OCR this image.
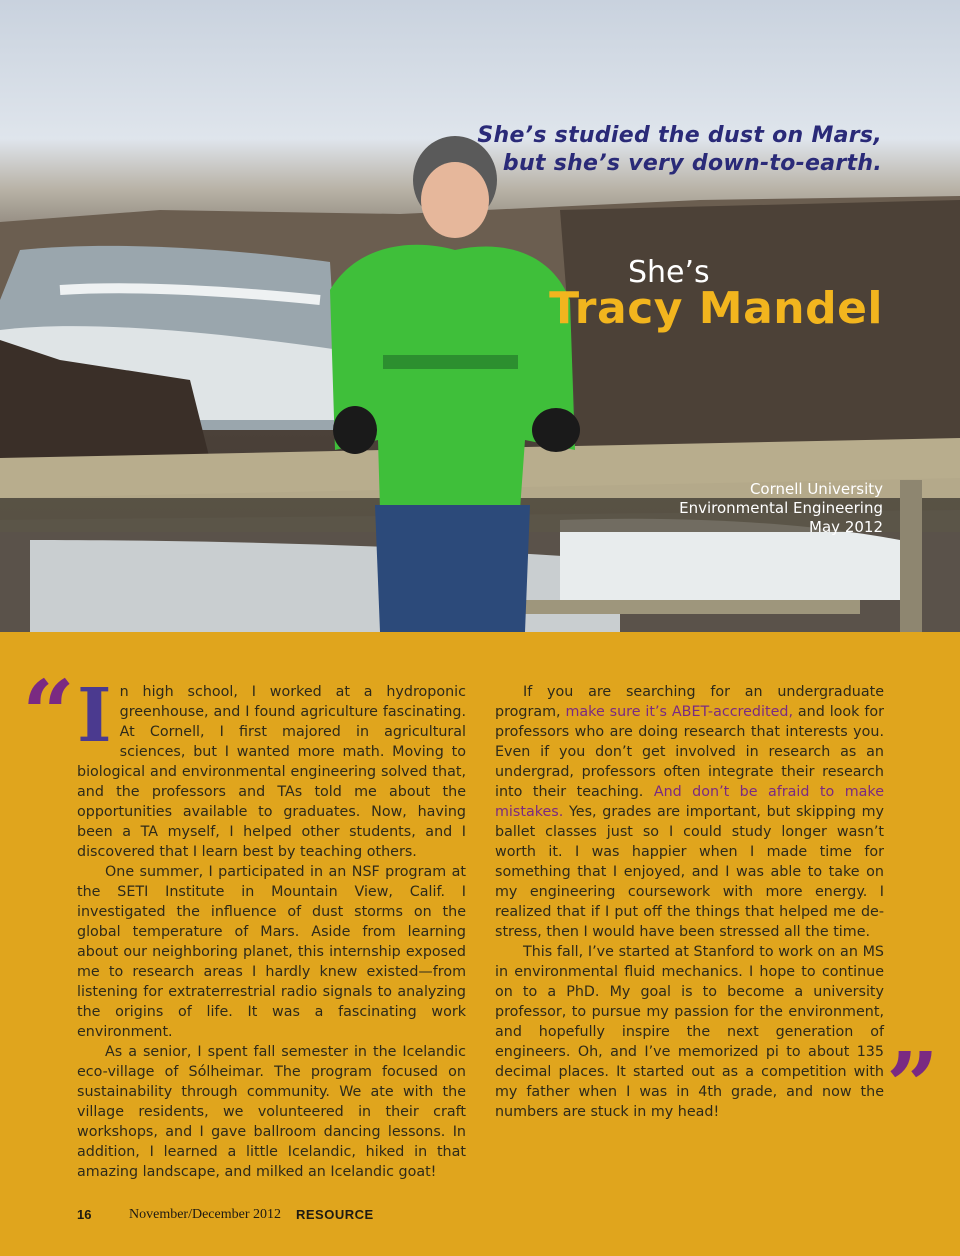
She’s studied the dust on Mars,
but she’s very down-to-earth.
She’s
Tracy Mandel
Cornell University
Environmental Engineering
May 2012
“ I n high school, I worked at a hydroponic greenhouse, and I found agriculture fascinating. At Cornell, I first majored in agricultural sciences, but I wanted more math. Moving to biological and environmental engineering solved that, and the professors and TAs told me about the opportunities available to graduates. Now, having been a TA myself, I helped other students, and I discovered that I learn best by teaching others.

One summer, I participated in an NSF program at the SETI Institute in Mountain View, Calif. I investigated the influence of dust storms on the global temperature of Mars. Aside from learning about our neighboring planet, this internship exposed me to research areas I hardly knew existed—from listening for extraterrestrial radio signals to analyzing the origins of life. It was a fascinating work environment.

As a senior, I spent fall semester in the Icelandic eco-village of Sólheimar. The program focused on sustainability through community. We ate with the village residents, we volunteered in their craft workshops, and I gave ballroom dancing lessons. In addition, I learned a little Icelandic, hiked in that amazing landscape, and milked an Icelandic goat!

If you are searching for an undergraduate program, make sure it’s ABET-accredited, and look for professors who are doing research that interests you. Even if you don’t get involved in research as an undergrad, professors often integrate their research into their teaching. And don’t be afraid to make mistakes. Yes, grades are important, but skipping my ballet classes just so I could study longer wasn’t worth it. I was happier when I made time for something that I enjoyed, and I was able to take on my engineering coursework with more energy. I realized that if I put off the things that helped me de-stress, then I would have been stressed all the time.

This fall, I’ve started at Stanford to work on an MS in environmental fluid mechanics. I hope to continue on to a PhD. My goal is to become a university professor, to pursue my passion for the environment, and hopefully inspire the next generation of engineers. Oh, and I’ve memorized pi to about 135 decimal places. It started out as a competition with my father when I was in 4th grade, and now the numbers are stuck in my head!	”
16	November/December 2012 RESOURCE
